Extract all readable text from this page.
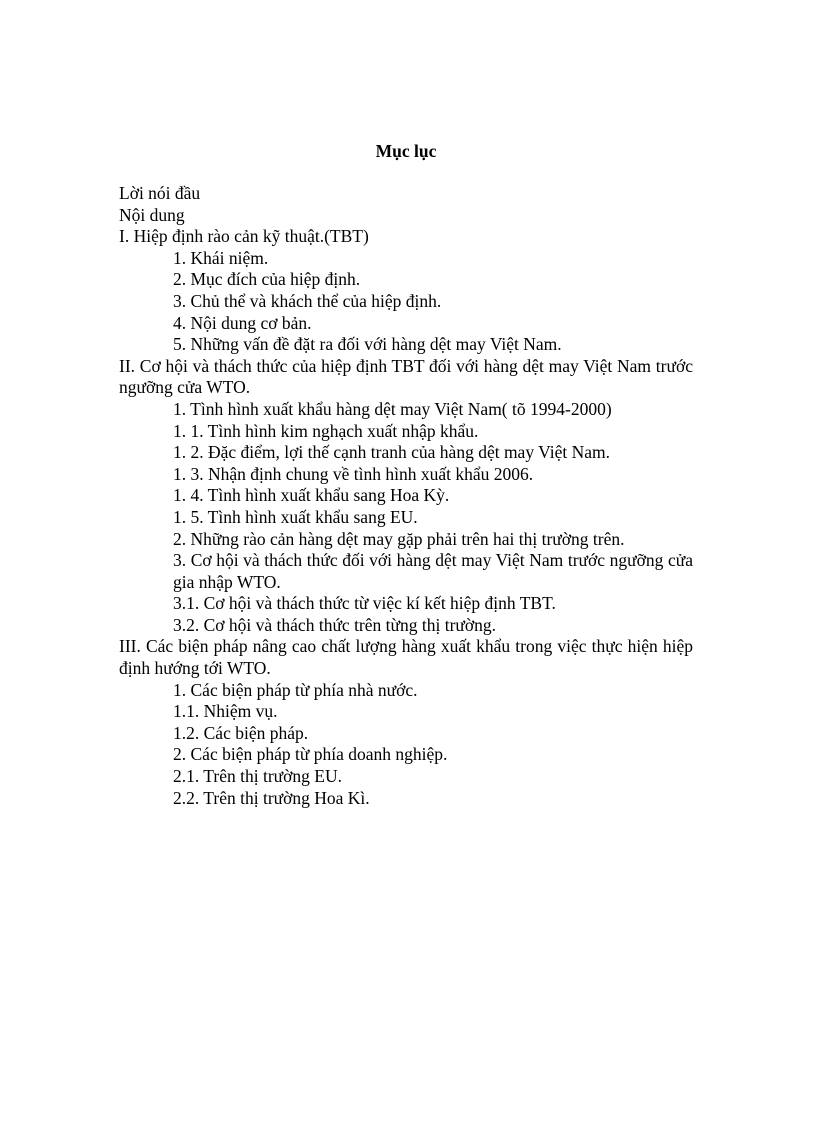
Mục lục
Lời nói đầu
Nội dung
I. Hiệp định rào cản kỹ thuật.(TBT)
1. Khái niệm.
2. Mục đích của hiệp định.
3. Chủ thể và khách thể của hiệp định.
4. Nội dung cơ bản.
5. Những vấn đề đặt ra đối với hàng dệt may Việt Nam.
II. Cơ hội và thách thức của hiệp định TBT đối với hàng dệt may Việt Nam trước ngưỡng cửa WTO.
1. Tình hình xuất khẩu hàng dệt may Việt Nam( tõ 1994-2000)
1. 1. Tình hình kim nghạch xuất nhập khẩu.
1. 2. Đặc điểm, lợi thế cạnh tranh của hàng dệt may Việt Nam.
1. 3. Nhận định chung về tình hình xuất khẩu 2006.
1. 4. Tình hình xuất khẩu sang Hoa Kỳ.
1. 5. Tình hình xuất khẩu sang EU.
2. Những rào cản hàng dệt may gặp phải trên hai thị trường trên.
3. Cơ hội và thách thức đối với hàng dệt may Việt Nam trước ngưỡng cửa gia nhập WTO.
3.1. Cơ hội và thách thức từ việc kí kết hiệp định TBT.
3.2. Cơ hội và thách thức trên từng thị trường.
III. Các biện pháp nâng cao chất lượng hàng xuất khẩu trong việc thực hiện hiệp định hướng tới WTO.
1. Các biện pháp từ phía nhà nước.
1.1. Nhiệm vụ.
1.2. Các biện pháp.
2. Các biện pháp từ phía doanh nghiệp.
2.1. Trên thị trường EU.
2.2. Trên thị trường Hoa Kì.
